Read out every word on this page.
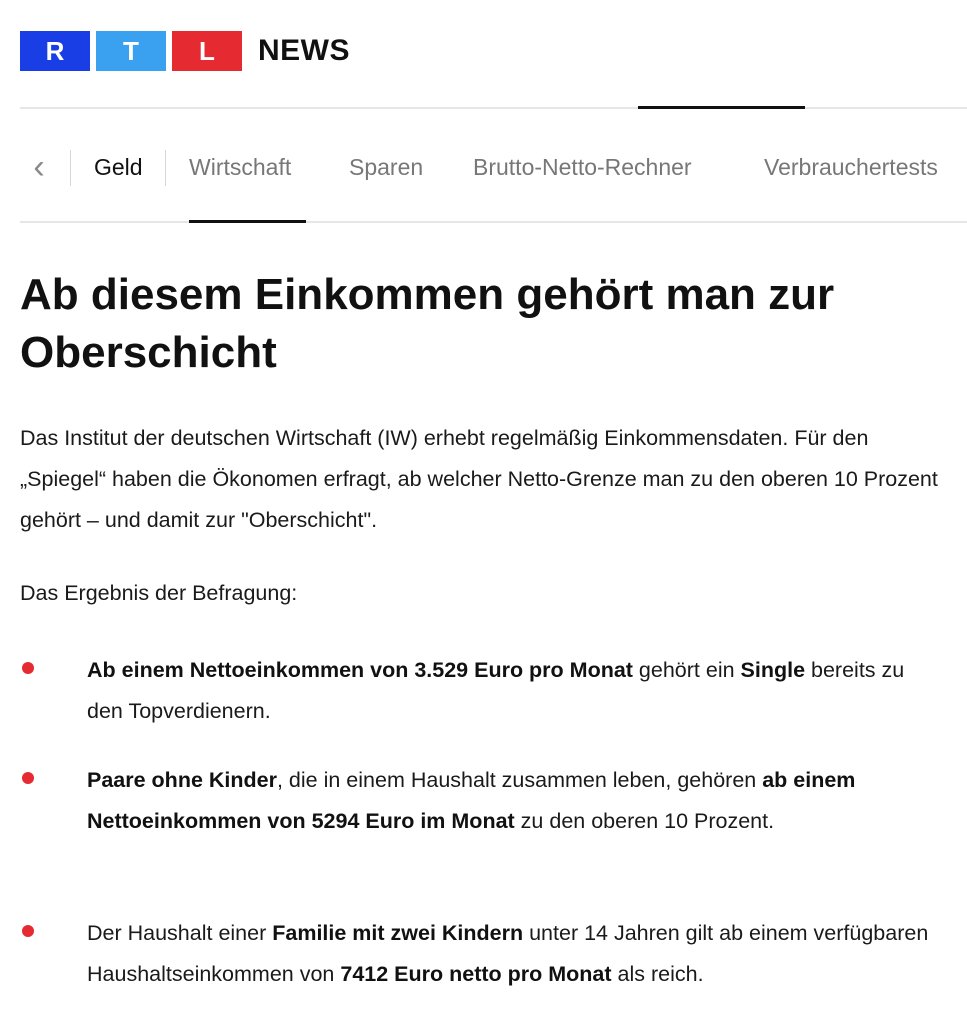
R	T	L	NEWS
‹	Geld Wirtschaft	Sparen Brutto-Netto-Rechner	Verbrauchertests
Ab diesem Einkommen gehört man zur Oberschicht

Das Institut der deutschen Wirtschaft (IW) erhebt regelmäßig Einkommensdaten. Für den „Spiegel“ haben die Ökonomen erfragt, ab welcher Netto-Grenze man zu den oberen 10 Prozent gehört – und damit zur "Oberschicht".

Das Ergebnis der Befragung:

Ab einem Nettoeinkommen von 3.529 Euro pro Monat gehört ein Single bereits zu den Topverdienern.
Paare ohne Kinder, die in einem Haushalt zusammen leben, gehören ab einem Nettoeinkommen von 5294 Euro im Monat zu den oberen 10 Prozent.
Der Haushalt einer Familie mit zwei Kindern unter 14 Jahren gilt ab einem verfügbaren Haushaltseinkommen von 7412 Euro netto pro Monat als reich.
